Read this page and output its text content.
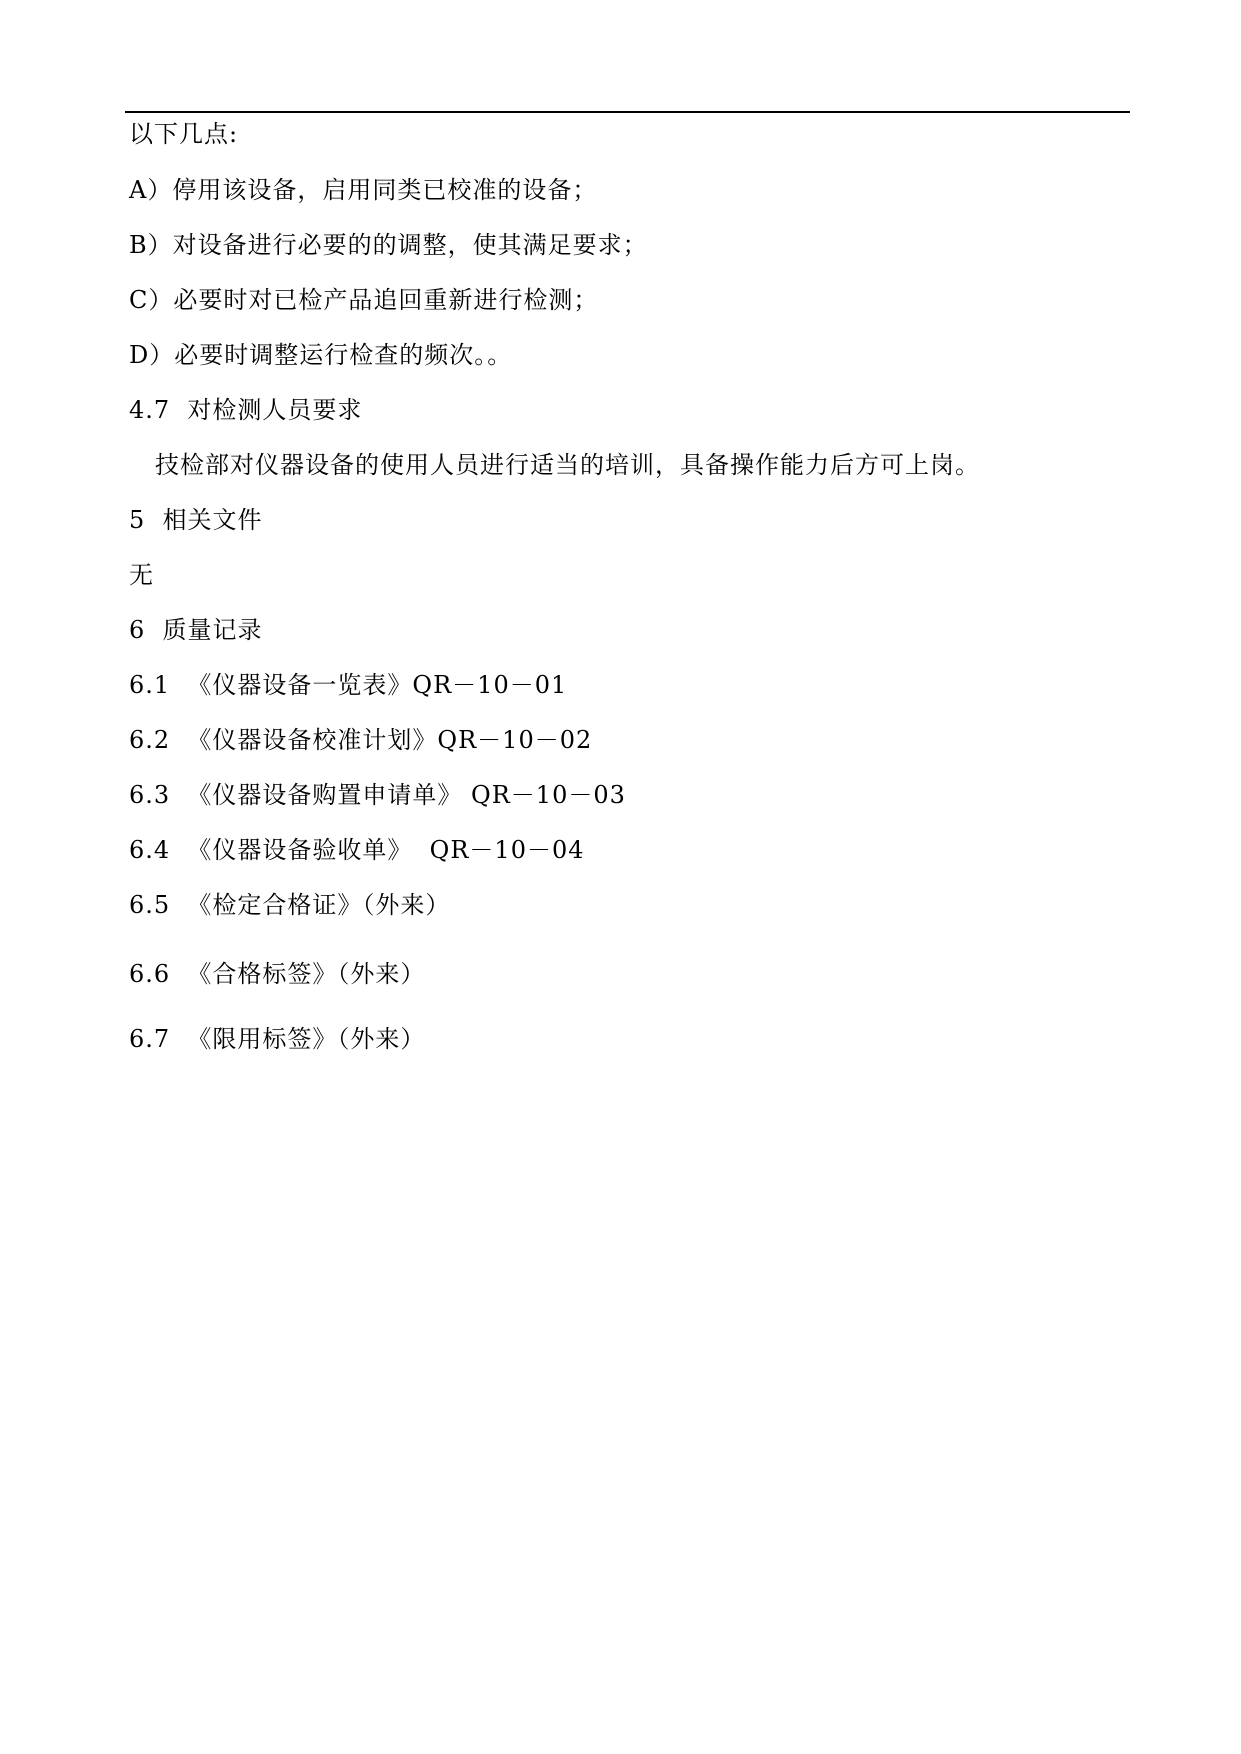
以下几点:
A）停用该设备，启用同类已校准的设备；
B）对设备进行必要的的调整，使其满足要求；
C）必要时对已检产品追回重新进行检测；
D）必要时调整运行检查的频次。。
4.7  对检测人员要求
技检部对仪器设备的使用人员进行适当的培训，具备操作能力后方可上岗。
5  相关文件
无
6  质量记录
6.1  《仪器设备一览表》QR－10－01
6.2  《仪器设备校准计划》QR－10－02
6.3  《仪器设备购置申请单》 QR－10－03
6.4  《仪器设备验收单》  QR－10－04
6.5  《检定合格证》（外来）
6.6  《合格标签》（外来）
6.7  《限用标签》（外来）
